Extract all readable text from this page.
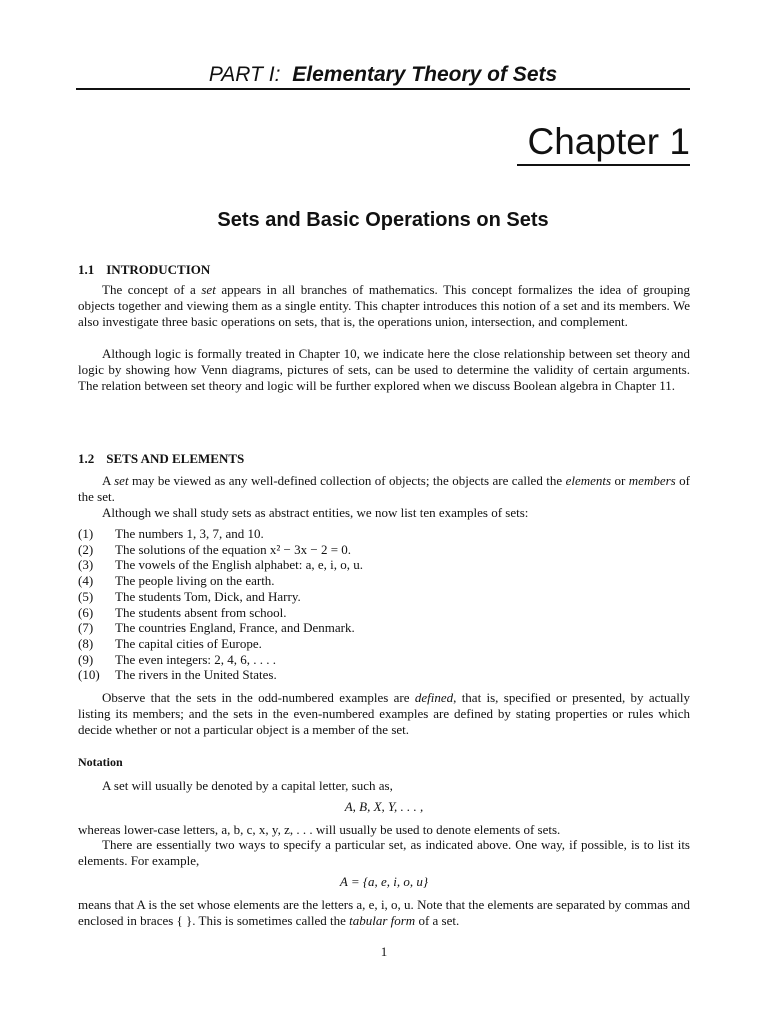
PART I: Elementary Theory of Sets
Chapter 1
Sets and Basic Operations on Sets
1.1 INTRODUCTION
The concept of a set appears in all branches of mathematics. This concept formalizes the idea of grouping objects together and viewing them as a single entity. This chapter introduces this notion of a set and its members. We also investigate three basic operations on sets, that is, the operations union, intersection, and complement.
Although logic is formally treated in Chapter 10, we indicate here the close relationship between set theory and logic by showing how Venn diagrams, pictures of sets, can be used to determine the validity of certain arguments. The relation between set theory and logic will be further explored when we discuss Boolean algebra in Chapter 11.
1.2 SETS AND ELEMENTS
A set may be viewed as any well-defined collection of objects; the objects are called the elements or members of the set.
Although we shall study sets as abstract entities, we now list ten examples of sets:
(1)	The numbers 1, 3, 7, and 10.
(2)	The solutions of the equation x² − 3x − 2 = 0.
(3)	The vowels of the English alphabet: a, e, i, o, u.
(4)	The people living on the earth.
(5)	The students Tom, Dick, and Harry.
(6)	The students absent from school.
(7)	The countries England, France, and Denmark.
(8)	The capital cities of Europe.
(9)	The even integers: 2, 4, 6, . . . .
(10)	The rivers in the United States.
Observe that the sets in the odd-numbered examples are defined, that is, specified or presented, by actually listing its members; and the sets in the even-numbered examples are defined by stating properties or rules which decide whether or not a particular object is a member of the set.
Notation
A set will usually be denoted by a capital letter, such as,
A, B, X, Y, . . . ,
whereas lower-case letters, a, b, c, x, y, z, . . . will usually be used to denote elements of sets.
There are essentially two ways to specify a particular set, as indicated above. One way, if possible, is to list its elements. For example,
A = {a, e, i, o, u}
means that A is the set whose elements are the letters a, e, i, o, u. Note that the elements are separated by commas and enclosed in braces { }. This is sometimes called the tabular form of a set.
1
